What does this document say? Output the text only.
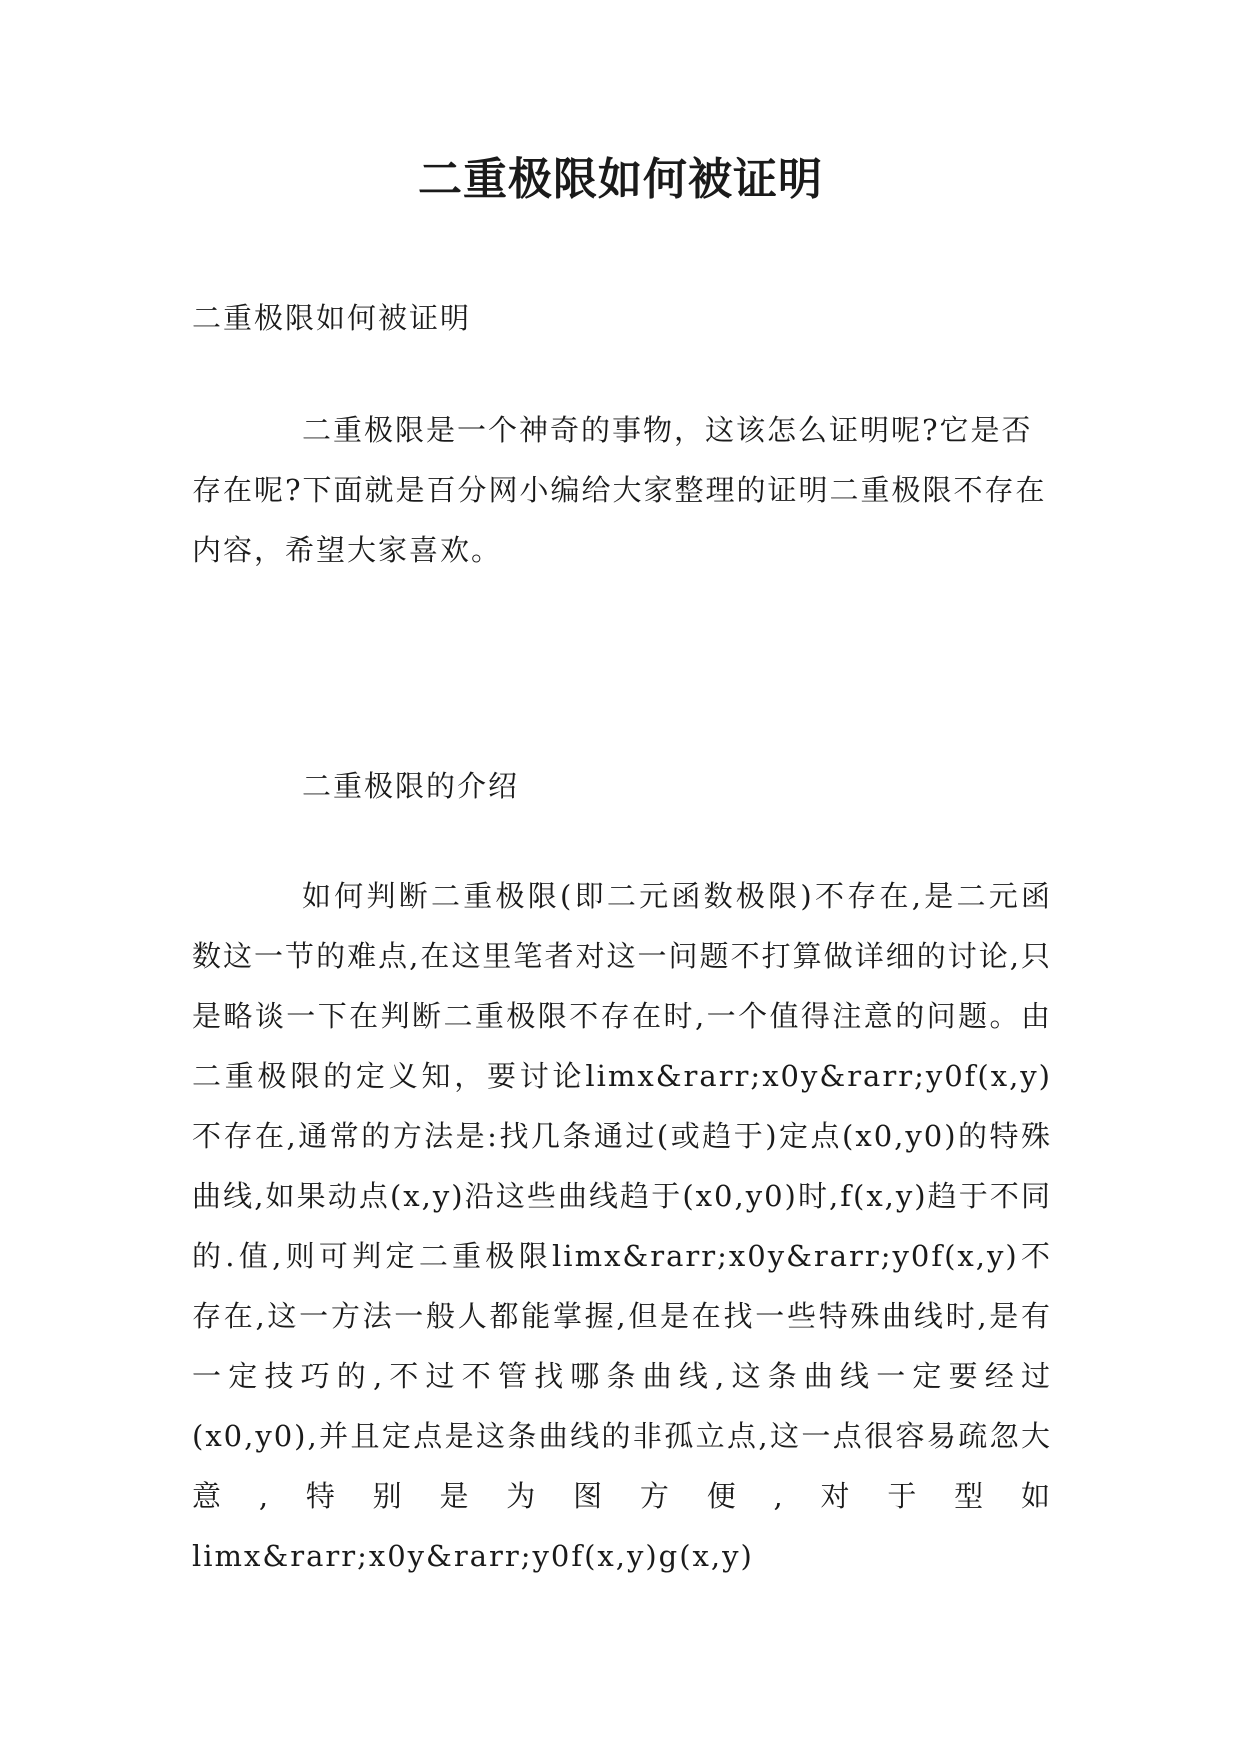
二重极限如何被证明

二重极限如何被证明

二重极限是一个神奇的事物，这该怎么证明呢?它是否存在呢?下面就是百分网小编给大家整理的证明二重极限不存在内容，希望大家喜欢。

二重极限的介绍

如何判断二重极限(即二元函数极限)不存在,是二元函数这一节的难点,在这里笔者对这一问题不打算做详细的讨论,只是略谈一下在判断二重极限不存在时,一个值得注意的问题。由二重极限的定义知，要讨论limx&rarr;x0y&rarr;y0f(x,y)不存在,通常的方法是:找几条通过(或趋于)定点(x0,y0)的特殊曲线,如果动点(x,y)沿这些曲线趋于(x0,y0)时,f(x,y)趋于不同的.值,则可判定二重极限limx&rarr;x0y&rarr;y0f(x,y)不存在,这一方法一般人都能掌握,但是在找一些特殊曲线时,是有一定技巧的,不过不管找哪条曲线,这条曲线一定要经过(x0,y0),并且定点是这条曲线的非孤立点,这一点很容易疏忽大意,特别是为图方便,对于型如limx&rarr;x0y&rarr;y0f(x,y)g(x,y)
